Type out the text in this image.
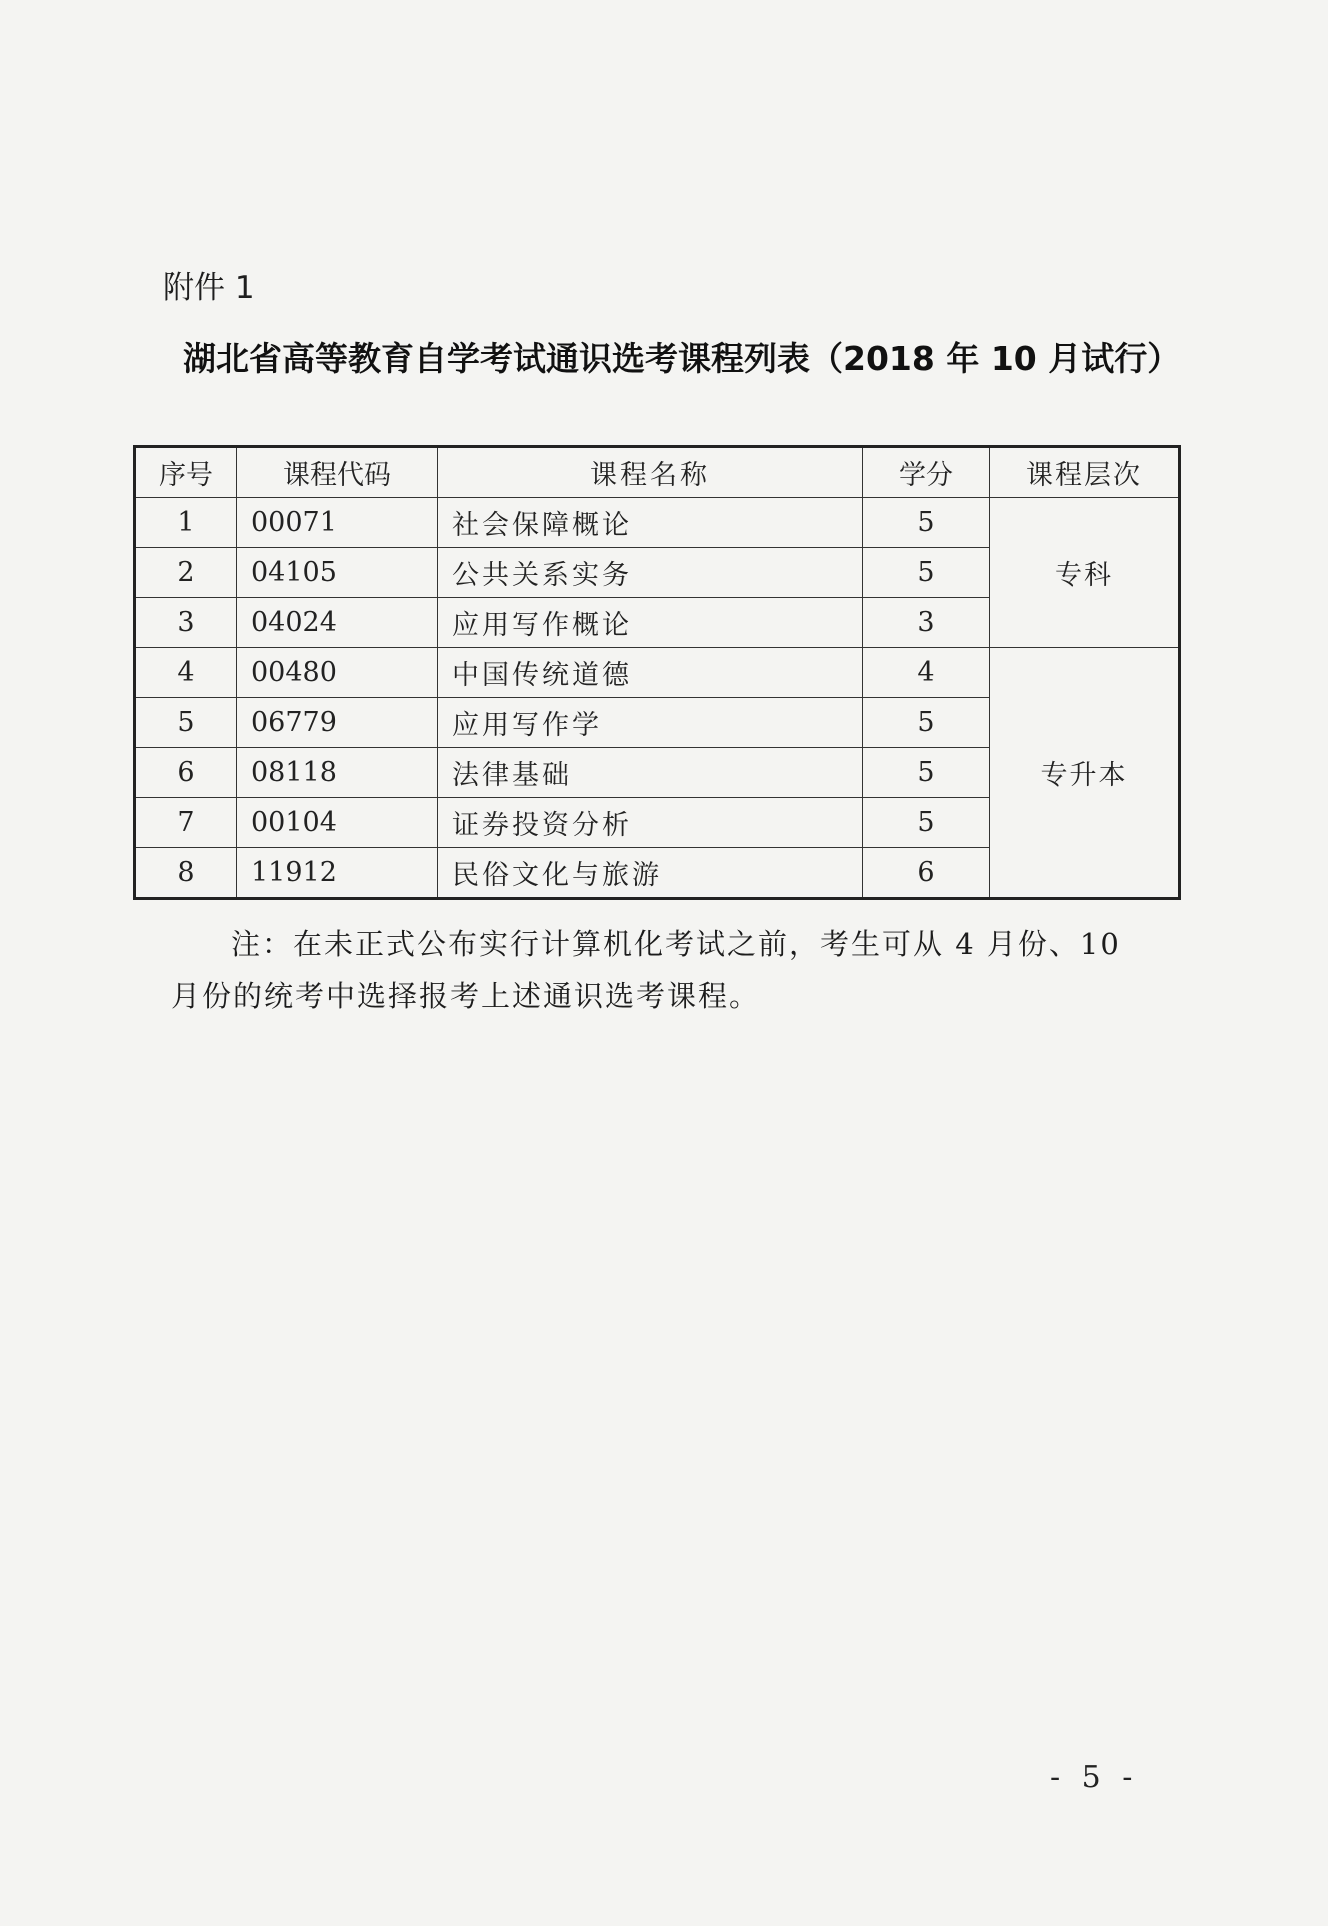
附件 1
湖北省高等教育自学考试通识选考课程列表（2018 年 10 月试行）
序号	课程代码	课程名称	学分	课程层次
1	00071	社会保障概论	5	专科
2	04105	公共关系实务	5	
3	04024	应用写作概论	3	
4	00480	中国传统道德	4	专升本
5	06779	应用写作学	5	
6	08118	法律基础	5	
7	00104	证券投资分析	5	
8	11912	民俗文化与旅游	6	
注：在未正式公布实行计算机化考试之前，考生可从 4 月份、10 月份的统考中选择报考上述通识选考课程。
- 5 -
